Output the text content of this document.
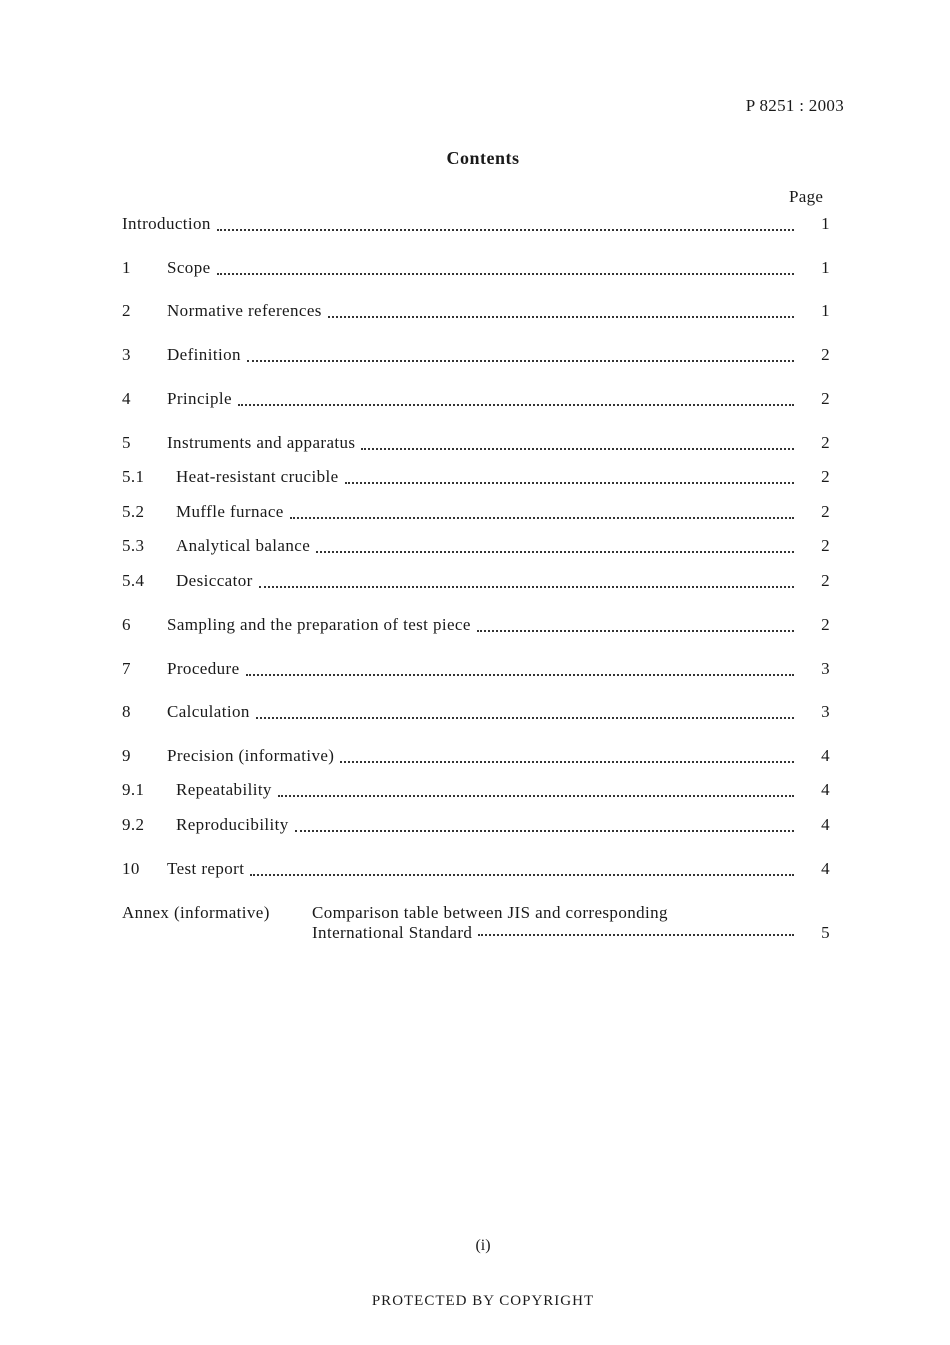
P 8251 : 2003
Contents
Page
Introduction	1
1	Scope	1
2	Normative references	1
3	Definition	2
4	Principle	2
5	Instruments and apparatus	2
5.1	Heat-resistant crucible	2
5.2	Muffle furnace	2
5.3	Analytical balance	2
5.4	Desiccator	2
6	Sampling and the preparation of test piece	2
7	Procedure	3
8	Calculation	3
9	Precision (informative)	4
9.1	Repeatability	4
9.2	Reproducibility	4
10	Test report	4
Annex (informative) Comparison table between JIS and corresponding
International Standard	5
(i)
PROTECTED BY COPYRIGHT
